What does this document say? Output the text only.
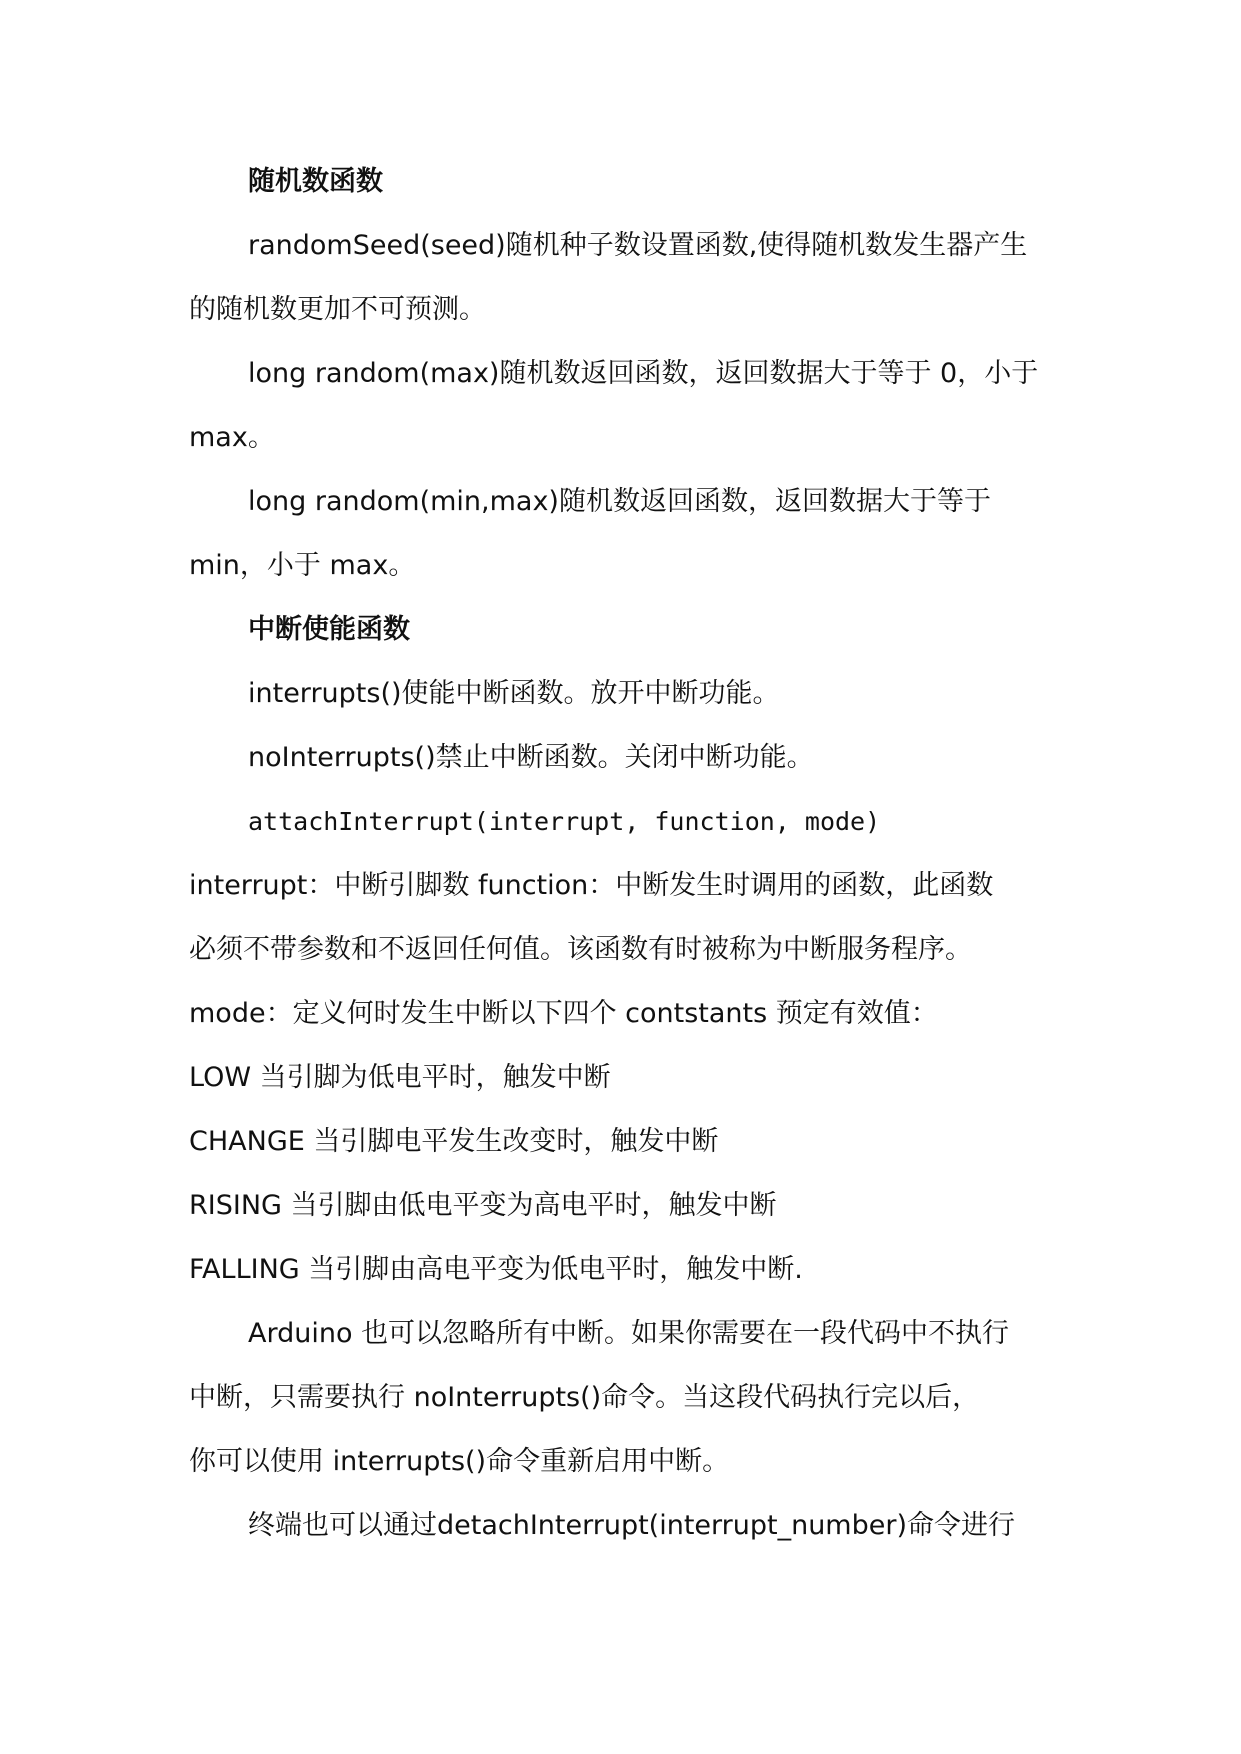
随机数函数
randomSeed(seed)随机种子数设置函数,使得随机数发生器产生
的随机数更加不可预测。
long random(max)随机数返回函数，返回数据大于等于 0，小于
max。
long random(min,max)随机数返回函数，返回数据大于等于
min，小于 max。
中断使能函数
interrupts()使能中断函数。放开中断功能。
noInterrupts()禁止中断函数。关闭中断功能。
attachInterrupt(interrupt, function, mode)
interrupt：中断引脚数 function：中断发生时调用的函数，此函数
必须不带参数和不返回任何值。该函数有时被称为中断服务程序。
mode：定义何时发生中断以下四个 contstants 预定有效值：
LOW 当引脚为低电平时，触发中断
CHANGE 当引脚电平发生改变时，触发中断
RISING 当引脚由低电平变为高电平时，触发中断
FALLING 当引脚由高电平变为低电平时，触发中断.
Arduino 也可以忽略所有中断。如果你需要在一段代码中不执行
中断，只需要执行 noInterrupts()命令。当这段代码执行完以后，
你可以使用 interrupts()命令重新启用中断。
终端也可以通过detachInterrupt(interrupt_number)命令进行
